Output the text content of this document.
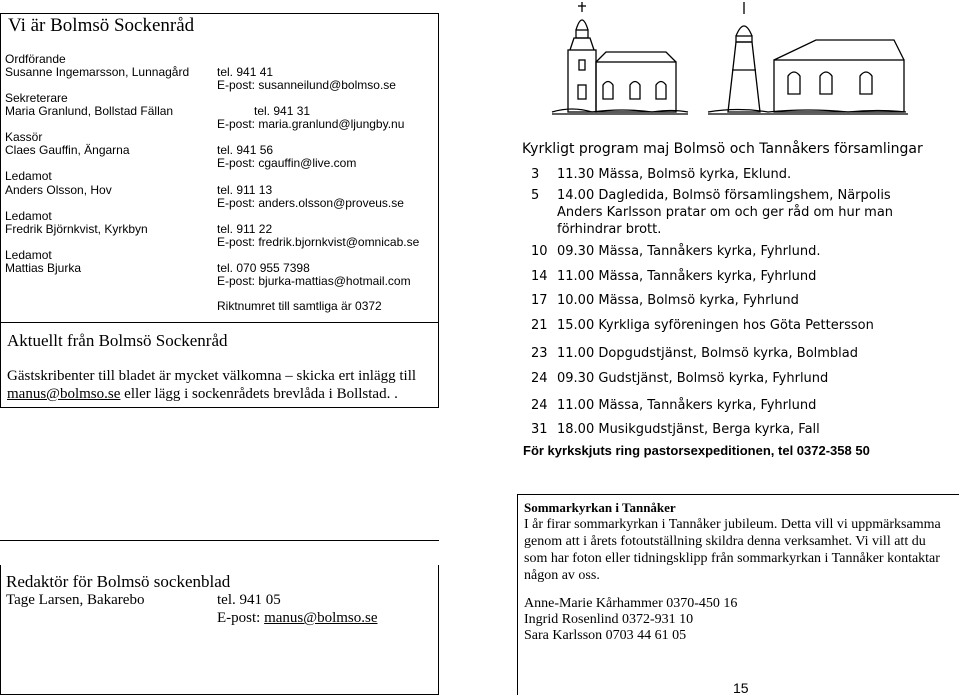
Vi är Bolmsö Sockenråd
Ordförande
Susanne Ingemarsson, Lunnagård tel. 941 41
E-post: susanneilund@bolmso.se
Sekreterare
Maria Granlund, Bollstad Fällan	tel. 941 31
E-post: maria.granlund@ljungby.nu
Kassör
Claes Gauffin, Ängarna	tel. 941 56
E-post: cgauffin@live.com
Ledamot
Anders Olsson, Hov	tel. 911 13
E-post: anders.olsson@proveus.se
Ledamot
Fredrik Björnkvist, Kyrkbyn	tel. 911 22
E-post: fredrik.bjornkvist@omnicab.se
Ledamot
Mattias Bjurka	tel. 070 955 7398
E-post: bjurka-mattias@hotmail.com
Riktnumret till samtliga är 0372
Aktuellt från Bolmsö Sockenråd
Gästskribenter till bladet är mycket välkomna – skicka ert inlägg till manus@bolmso.se eller lägg i sockenrådets brevlåda i Bollstad. .
Redaktör för Bolmsö sockenblad
Tage Larsen, Bakarebo	tel. 941 05
E-post: manus@bolmso.se
Kyrkligt program maj Bolmsö och Tannåkers församlingar
3 11.30 Mässa, Bolmsö kyrka, Eklund.
5 14.00 Dagledida, Bolmsö församlingshem, Närpolis Anders Karlsson pratar om och ger råd om hur man förhindrar brott.
10 09.30 Mässa, Tannåkers kyrka, Fyhrlund.
14 11.00 Mässa, Tannåkers kyrka, Fyhrlund
17 10.00 Mässa, Bolmsö kyrka, Fyhrlund
21 15.00 Kyrkliga syföreningen hos Göta Pettersson
23 11.00 Dopgudstjänst, Bolmsö kyrka, Bolmblad
24 09.30 Gudstjänst, Bolmsö kyrka, Fyhrlund
24 11.00 Mässa, Tannåkers kyrka, Fyhrlund
31 18.00 Musikgudstjänst, Berga kyrka, Fall
För kyrkskjuts ring pastorsexpeditionen, tel 0372-358 50
Sommarkyrkan i Tannåker
I år firar sommarkyrkan i Tannåker jubileum. Detta vill vi uppmärksamma genom att i årets fotoutställning skildra denna verksamhet. Vi vill att du som har foton eller tidningsklipp från sommarkyrkan i Tannåker kontaktar någon av oss.
Anne-Marie Kårhammer 0370-450 16
Ingrid Rosenlind 0372-931 10
Sara Karlsson 0703 44 61 05
15
